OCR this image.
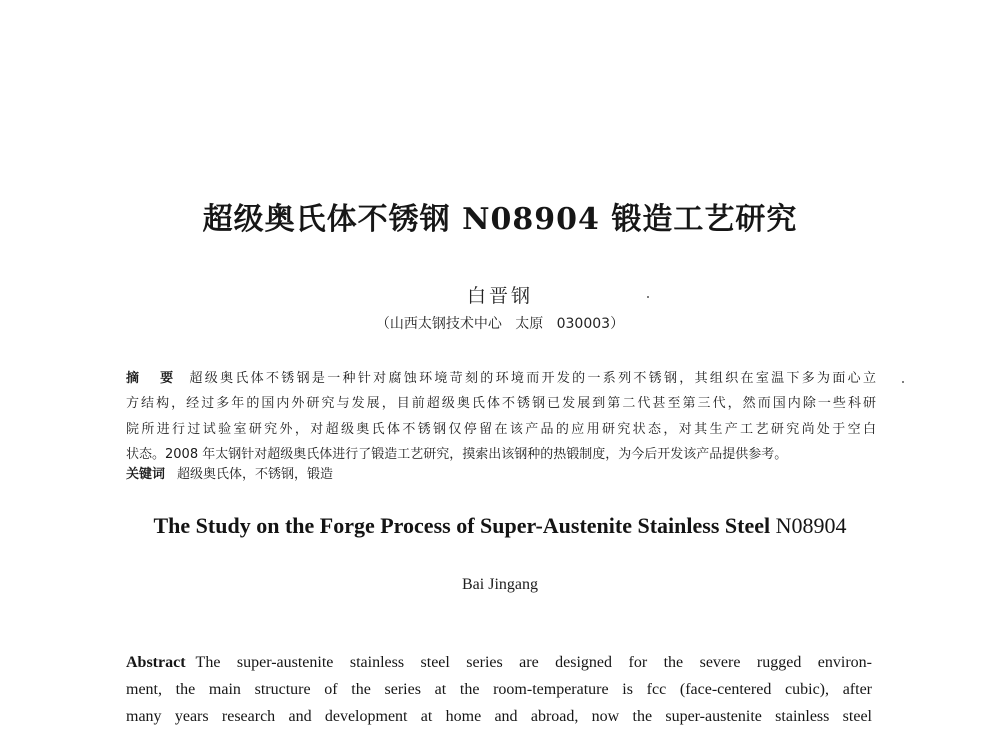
超级奥氏体不锈钢 N08904 锻造工艺研究
白晋钢
（山西太钢技术中心   太原   030003）
摘 要 超级奥氏体不锈钢是一种针对腐蚀环境苛刻的环境而开发的一系列不锈钢，其组织在室温下多为面心立
方结构，经过多年的国内外研究与发展，目前超级奥氏体不锈钢已发展到第二代甚至第三代，然而国内除一些科研
院所进行过试验室研究外，对超级奥氏体不锈钢仅停留在该产品的应用研究状态，对其生产工艺研究尚处于空白
状态。2008 年太钢针对超级奥氏体进行了锻造工艺研究，摸索出该钢种的热锻制度，为今后开发该产品提供参考。
关键词 超级奥氏体，不锈钢，锻造
The Study on the Forge Process of Super-Austenite Stainless Steel N08904
Bai Jingang
Abstract The super-austenite stainless steel series are designed for the severe rugged environ-
ment, the main structure of the series at the room-temperature is fcc (face-centered cubic), after
many years research and development at home and abroad, now the super-austenite stainless steel
